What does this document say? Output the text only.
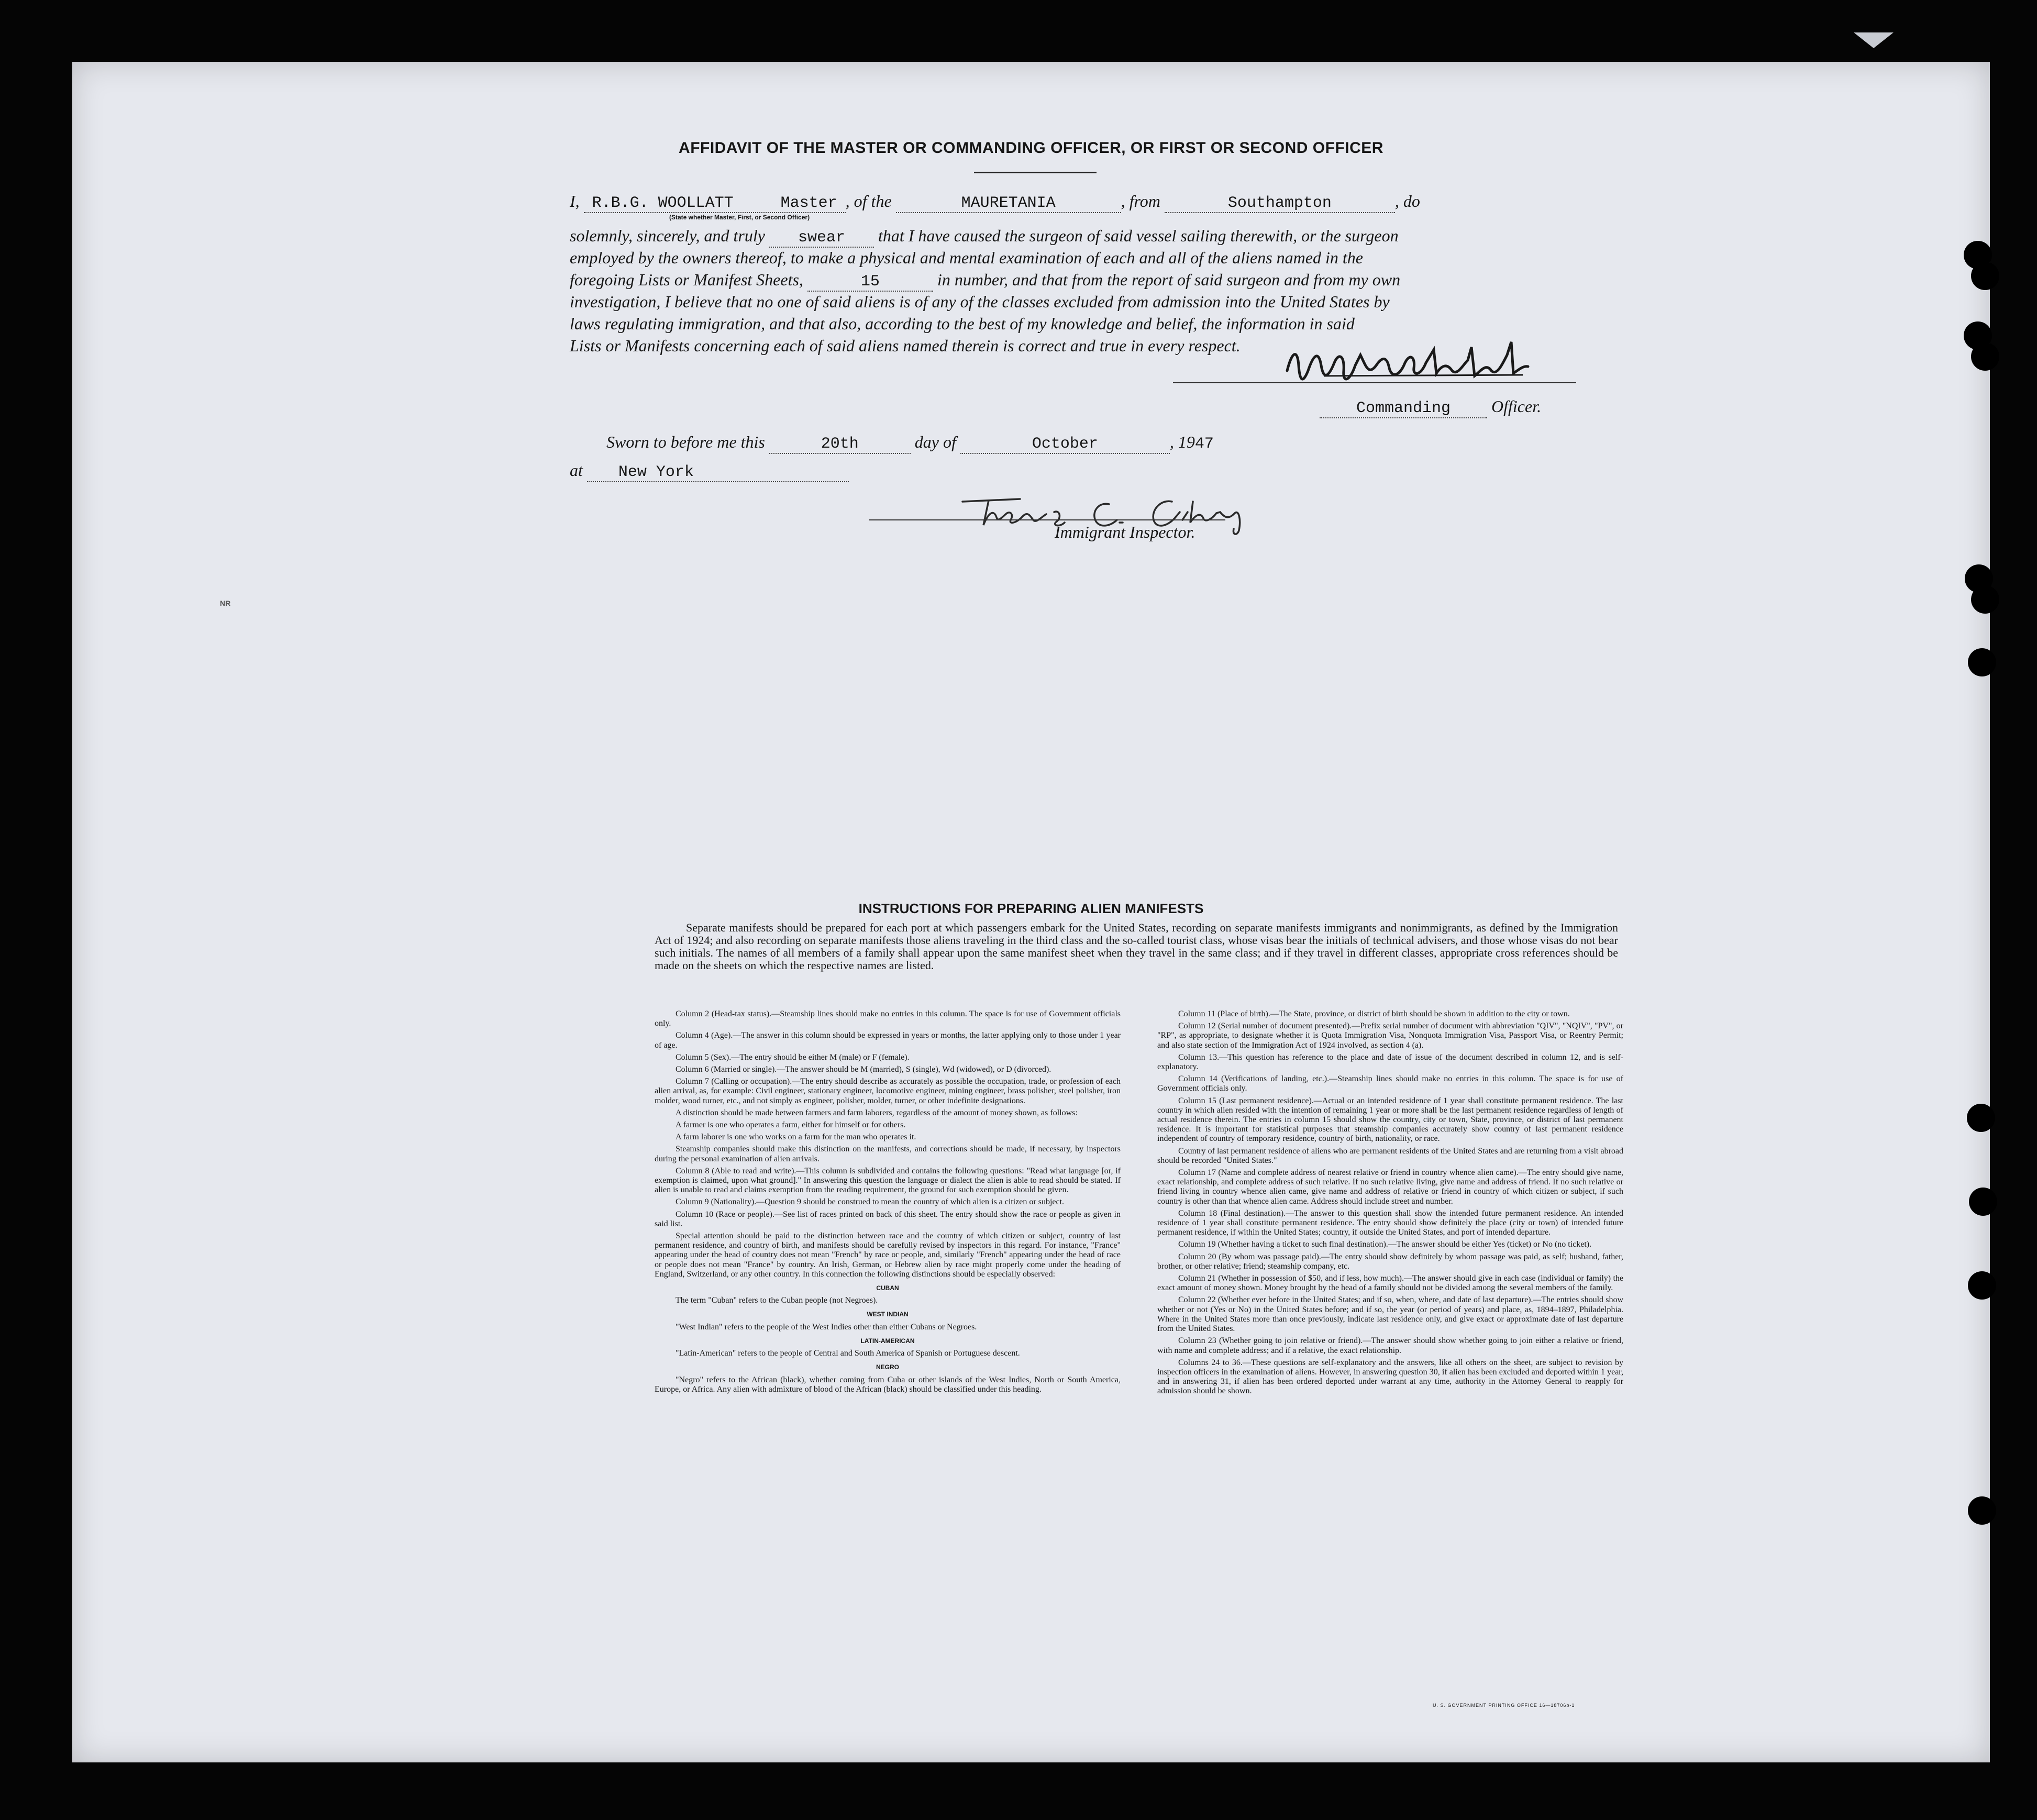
NR
AFFIDAVIT OF THE MASTER OR COMMANDING OFFICER, OR FIRST OR SECOND OFFICER
I, R.B.G. WOOLLATT	Master , of the	MAURETANIA	, from	Southampton	, do
(State whether Master, First, or Second Officer)
solemnly, sincerely, and truly swear that I have caused the surgeon of said vessel sailing therewith, or the surgeon
employed by the owners thereof, to make a physical and mental examination of each and all of the aliens named in the
foregoing Lists or Manifest Sheets,	15	in number, and that from the report of said surgeon and from my own
investigation, I believe that no one of said aliens is of any of the classes excluded from admission into the United States by
laws regulating immigration, and that also, according to the best of my knowledge and belief, the information in said
Lists or Manifests concerning each of said aliens named therein is correct and true in every respect.
Commanding Officer.
Sworn to before me this	20th	day of	October	, 1947
at New York
Immigrant Inspector.
INSTRUCTIONS FOR PREPARING ALIEN MANIFESTS
Separate manifests should be prepared for each port at which passengers embark for the United States, recording on separate manifests immigrants and nonimmigrants, as defined by the Immigration Act of 1924; and also recording on separate manifests those aliens traveling in the third class and the so-called tourist class, whose visas bear the initials of technical advisers, and those whose visas do not bear such initials. The names of all members of a family shall appear upon the same manifest sheet when they travel in the same class; and if they travel in different classes, appropriate cross references should be made on the sheets on which the respective names are listed.

Column 2 (Head-tax status).—Steamship lines should make no entries in this column. The space is for use of Government officials only.

Column 4 (Age).—The answer in this column should be expressed in years or months, the latter applying only to those under 1 year of age.

Column 5 (Sex).—The entry should be either M (male) or F (female).

Column 6 (Married or single).—The answer should be M (married), S (single), Wd (widowed), or D (divorced).

Column 7 (Calling or occupation).—The entry should describe as accurately as possible the occupation, trade, or profession of each alien arrival, as, for example: Civil engineer, stationary engineer, locomotive engineer, mining engineer, brass polisher, steel polisher, iron molder, wood turner, etc., and not simply as engineer, polisher, molder, turner, or other indefinite designations.

A distinction should be made between farmers and farm laborers, regardless of the amount of money shown, as follows:

A farmer is one who operates a farm, either for himself or for others.

A farm laborer is one who works on a farm for the man who operates it.

Steamship companies should make this distinction on the manifests, and corrections should be made, if necessary, by inspectors during the personal examination of alien arrivals.

Column 8 (Able to read and write).—This column is subdivided and contains the following questions: "Read what language [or, if exemption is claimed, upon what ground]." In answering this question the language or dialect the alien is able to read should be stated. If alien is unable to read and claims exemption from the reading requirement, the ground for such exemption should be given.

Column 9 (Nationality).—Question 9 should be construed to mean the country of which alien is a citizen or subject.

Column 10 (Race or people).—See list of races printed on back of this sheet. The entry should show the race or people as given in said list.

Special attention should be paid to the distinction between race and the country of which citizen or subject, country of last permanent residence, and country of birth, and manifests should be carefully revised by inspectors in this regard. For instance, "France" appearing under the head of country does not mean "French" by race or people, and, similarly "French" appearing under the head of race or people does not mean "France" by country. An Irish, German, or Hebrew alien by race might properly come under the heading of England, Switzerland, or any other country. In this connection the following distinctions should be especially observed:

CUBAN

The term "Cuban" refers to the Cuban people (not Negroes).

WEST INDIAN

"West Indian" refers to the people of the West Indies other than either Cubans or Negroes.

LATIN-AMERICAN

"Latin-American" refers to the people of Central and South America of Spanish or Portuguese descent.

NEGRO

"Negro" refers to the African (black), whether coming from Cuba or other islands of the West Indies, North or South America, Europe, or Africa. Any alien with admixture of blood of the African (black) should be classified under this heading.

Column 11 (Place of birth).—The State, province, or district of birth should be shown in addition to the city or town.

Column 12 (Serial number of document presented).—Prefix serial number of document with abbreviation "QIV", "NQIV", "PV", or "RP", as appropriate, to designate whether it is Quota Immigration Visa, Nonquota Immigration Visa, Passport Visa, or Reentry Permit; and also state section of the Immigration Act of 1924 involved, as section 4 (a).

Column 13.—This question has reference to the place and date of issue of the document described in column 12, and is self-explanatory.

Column 14 (Verifications of landing, etc.).—Steamship lines should make no entries in this column. The space is for use of Government officials only.

Column 15 (Last permanent residence).—Actual or an intended residence of 1 year shall constitute permanent residence. The last country in which alien resided with the intention of remaining 1 year or more shall be the last permanent residence regardless of length of actual residence therein. The entries in column 15 should show the country, city or town, State, province, or district of last permanent residence. It is important for statistical purposes that steamship companies accurately show country of last permanent residence independent of country of temporary residence, country of birth, nationality, or race.

Country of last permanent residence of aliens who are permanent residents of the United States and are returning from a visit abroad should be recorded "United States."

Column 17 (Name and complete address of nearest relative or friend in country whence alien came).—The entry should give name, exact relationship, and complete address of such relative. If no such relative living, give name and address of friend. If no such relative or friend living in country whence alien came, give name and address of relative or friend in country of which citizen or subject, if such country is other than that whence alien came. Address should include street and number.

Column 18 (Final destination).—The answer to this question shall show the intended future permanent residence. An intended residence of 1 year shall constitute permanent residence. The entry should show definitely the place (city or town) of intended future permanent residence, if within the United States; country, if outside the United States, and port of intended departure.

Column 19 (Whether having a ticket to such final destination).—The answer should be either Yes (ticket) or No (no ticket).

Column 20 (By whom was passage paid).—The entry should show definitely by whom passage was paid, as self; husband, father, brother, or other relative; friend; steamship company, etc.

Column 21 (Whether in possession of $50, and if less, how much).—The answer should give in each case (individual or family) the exact amount of money shown. Money brought by the head of a family should not be divided among the several members of the family.

Column 22 (Whether ever before in the United States; and if so, when, where, and date of last departure).—The entries should show whether or not (Yes or No) in the United States before; and if so, the year (or period of years) and place, as, 1894–1897, Philadelphia. Where in the United States more than once previously, indicate last residence only, and give exact or approximate date of last departure from the United States.

Column 23 (Whether going to join relative or friend).—The answer should show whether going to join either a relative or friend, with name and complete address; and if a relative, the exact relationship.

Columns 24 to 36.—These questions are self-explanatory and the answers, like all others on the sheet, are subject to revision by inspection officers in the examination of aliens. However, in answering question 30, if alien has been excluded and deported within 1 year, and in answering 31, if alien has been ordered deported under warrant at any time, authority in the Attorney General to reapply for admission should be shown.

U. S. GOVERNMENT PRINTING OFFICE 16—18706b-1
